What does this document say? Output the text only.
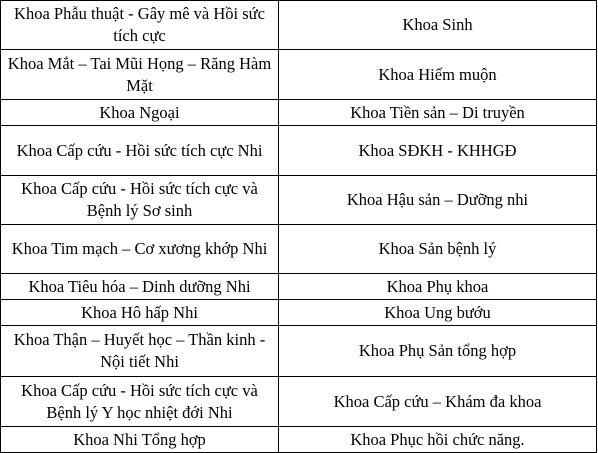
Khoa Phẫu thuật - Gây mê và Hồi sức tích cực	Khoa Sinh
Khoa Mắt – Tai Mũi Họng – Răng Hàm Mặt	Khoa Hiếm muộn
Khoa Ngoại	Khoa Tiền sản – Di truyền
Khoa Cấp cứu - Hồi sức tích cực Nhi	Khoa SĐKH - KHHGĐ
Khoa Cấp cứu - Hồi sức tích cực và Bệnh lý Sơ sinh	Khoa Hậu sản – Dưỡng nhi
Khoa Tim mạch – Cơ xương khớp Nhi	Khoa Sản bệnh lý
Khoa Tiêu hóa – Dinh dưỡng Nhi	Khoa Phụ khoa
Khoa Hô hấp Nhi	Khoa Ung bướu
Khoa Thận – Huyết học – Thần kinh - Nội tiết Nhi	Khoa Phụ Sản tổng hợp
Khoa Cấp cứu - Hồi sức tích cực và Bệnh lý Y học nhiệt đới Nhi	Khoa Cấp cứu – Khám đa khoa
Khoa Nhi Tổng hợp	Khoa Phục hồi chức năng.
